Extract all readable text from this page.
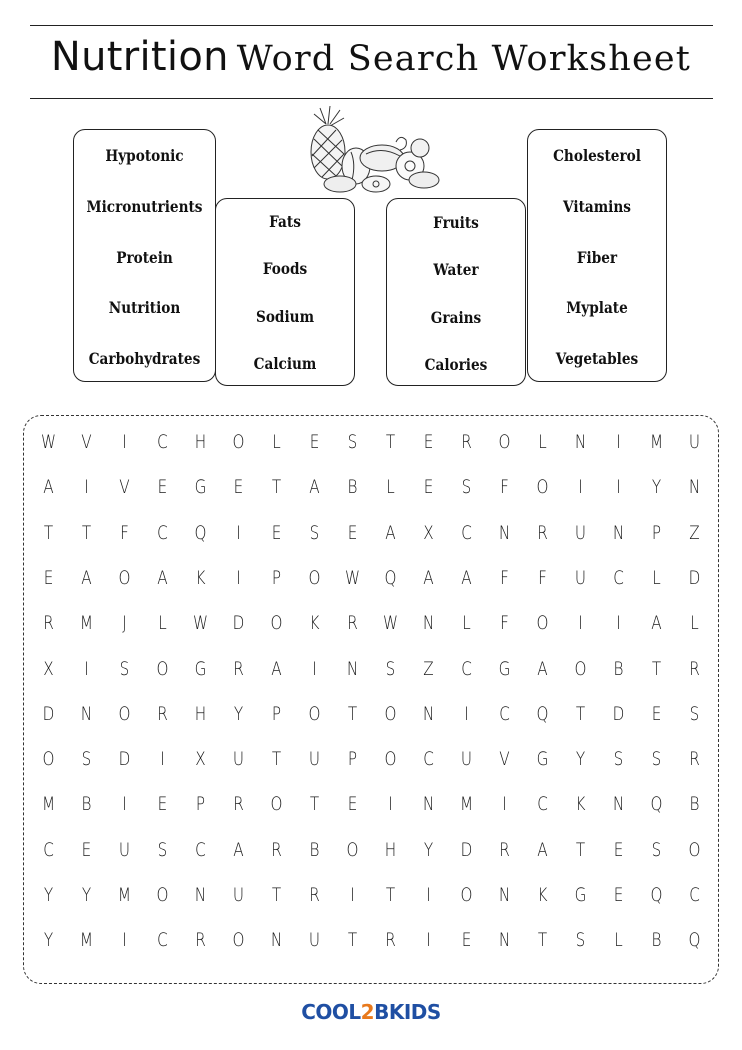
Nutrition Word Search Worksheet
Hypotonic
Micronutrients
Protein
Nutrition
Carbohydrates
Fats
Foods
Sodium
Calcium
Fruits
Water
Grains
Calories
Cholesterol
Vitamins
Fiber
Myplate
Vegetables
W	V	I	C	H	O	L	E	S	T	E	R	O	L	N	I	M	U
A	I	V	E	G	E	T	A	B	L	E	S	F	O	I	I	Y	N
T	T	F	C	Q	I	E	S	E	A	X	C	N	R	U	N	P	Z
E	A	O	A	K	I	P	O	W	Q	A	A	F	F	U	C	L	D
R	M	J	L	W	D	O	K	R	W	N	L	F	O	I	I	A	L
X	I	S	O	G	R	A	I	N	S	Z	C	G	A	O	B	T	R
D	N	O	R	H	Y	P	O	T	O	N	I	C	Q	T	D	E	S
O	S	D	I	X	U	T	U	P	O	C	U	V	G	Y	S	S	R
M	B	I	E	P	R	O	T	E	I	N	M	I	C	K	N	Q	B
C	E	U	S	C	A	R	B	O	H	Y	D	R	A	T	E	S	O
Y	Y	M	O	N	U	T	R	I	T	I	O	N	K	G	E	Q	C
Y	M	I	C	R	O	N	U	T	R	I	E	N	T	S	L	B	Q
COOL2BKIDS
